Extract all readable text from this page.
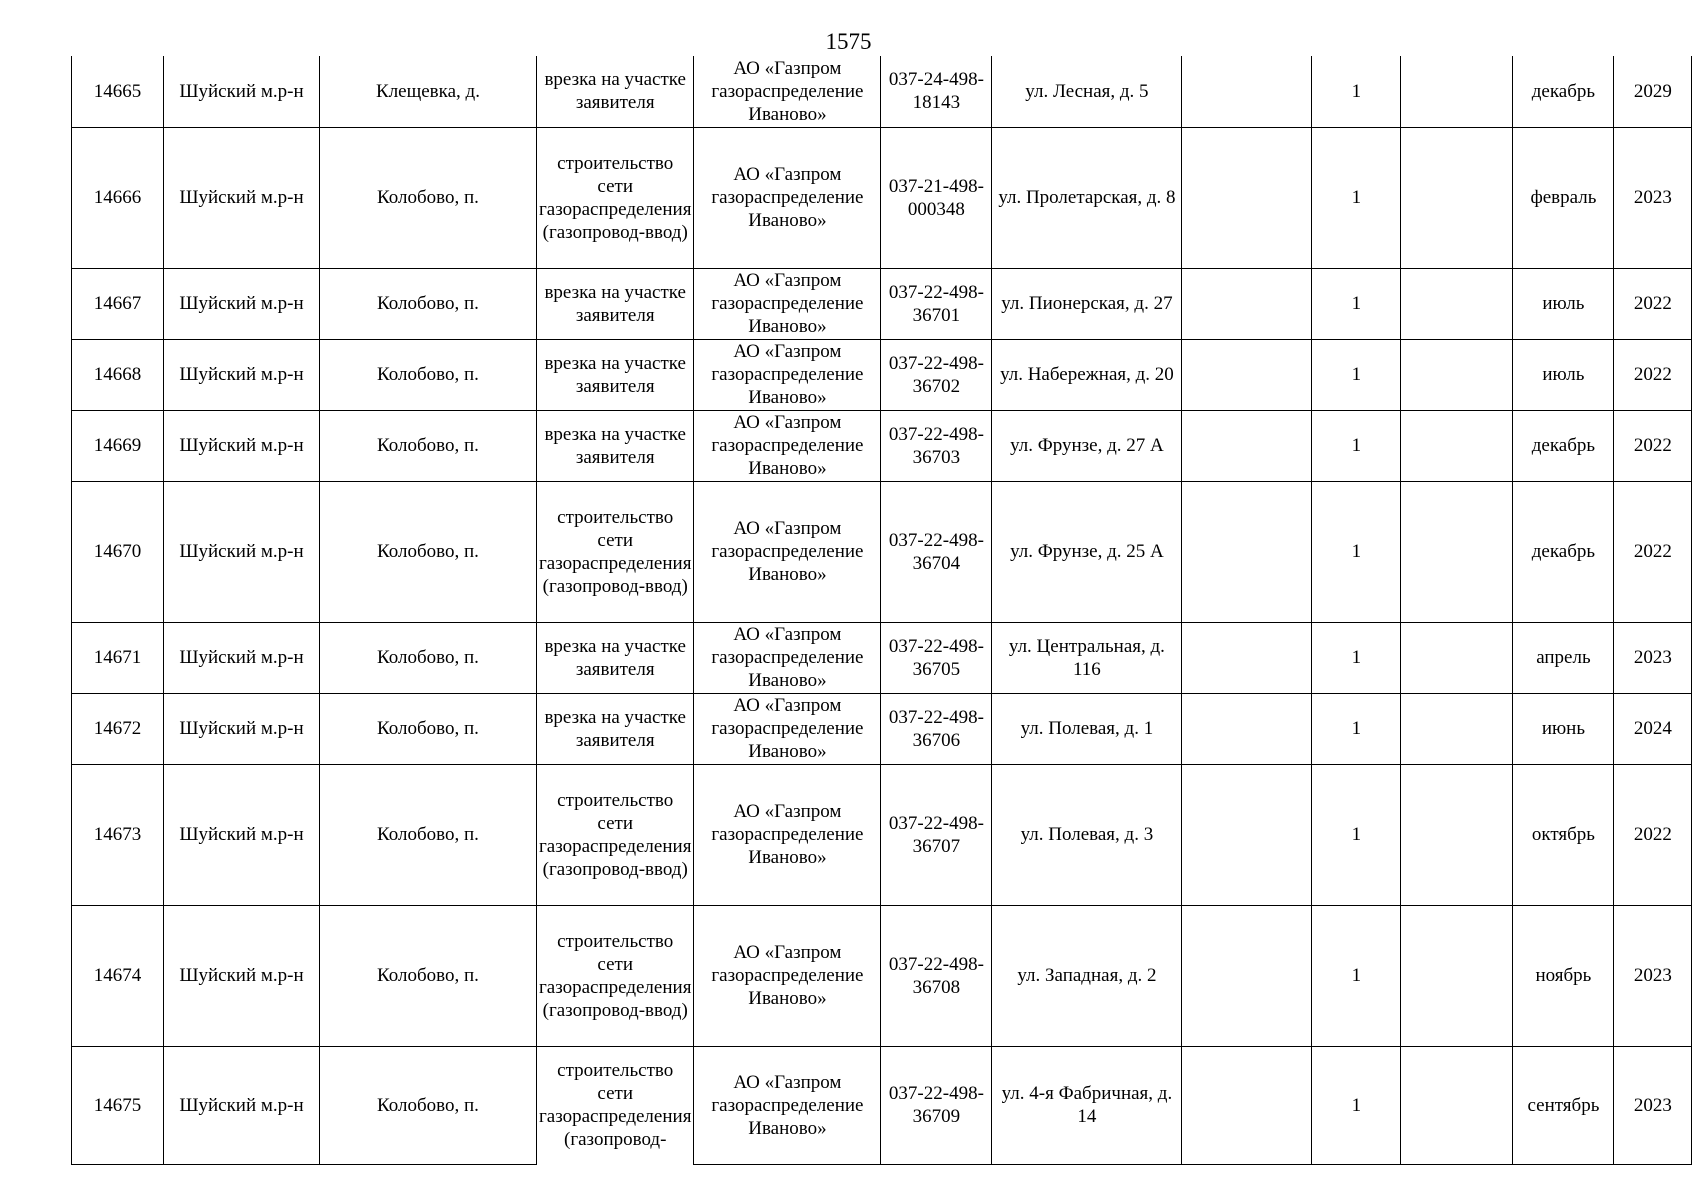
1575
14665	Шуйский м.р-н	Клещевка, д.	врезка на участке заявителя	АО «Газпром газораспределение Иваново»	037-24-498-18143	ул. Лесная, д. 5		1		декабрь	2029

14666	Шуйский м.р-н	Колобово, п.	строительство сети газораспределения (газопровод-ввод)	АО «Газпром газораспределение Иваново»	037-21-498-000348	ул. Пролетарская, д. 8		1		февраль	2023

14667	Шуйский м.р-н	Колобово, п.	врезка на участке заявителя	АО «Газпром газораспределение Иваново»	037-22-498-36701	ул. Пионерская, д. 27		1		июль	2022

14668	Шуйский м.р-н	Колобово, п.	врезка на участке заявителя	АО «Газпром газораспределение Иваново»	037-22-498-36702	ул. Набережная, д. 20		1		июль	2022

14669	Шуйский м.р-н	Колобово, п.	врезка на участке заявителя	АО «Газпром газораспределение Иваново»	037-22-498-36703	ул. Фрунзе, д. 27 А		1		декабрь	2022

14670	Шуйский м.р-н	Колобово, п.	строительство сети газораспределения (газопровод-ввод)	АО «Газпром газораспределение Иваново»	037-22-498-36704	ул. Фрунзе, д. 25 А		1		декабрь	2022

14671	Шуйский м.р-н	Колобово, п.	врезка на участке заявителя	АО «Газпром газораспределение Иваново»	037-22-498-36705	ул. Центральная, д. 116		1		апрель	2023

14672	Шуйский м.р-н	Колобово, п.	врезка на участке заявителя	АО «Газпром газораспределение Иваново»	037-22-498-36706	ул. Полевая, д. 1		1		июнь	2024

14673	Шуйский м.р-н	Колобово, п.	строительство сети газораспределения (газопровод-ввод)	АО «Газпром газораспределение Иваново»	037-22-498-36707	ул. Полевая, д. 3		1		октябрь	2022

14674	Шуйский м.р-н	Колобово, п.	строительство сети газораспределения (газопровод-ввод)	АО «Газпром газораспределение Иваново»	037-22-498-36708	ул. Западная, д. 2		1		ноябрь	2023

14675	Шуйский м.р-н	Колобово, п.	строительство сети газораспределения (газопровод-	АО «Газпром газораспределение Иваново»	037-22-498-36709	ул. 4-я Фабричная, д. 14		1		сентябрь	2023
